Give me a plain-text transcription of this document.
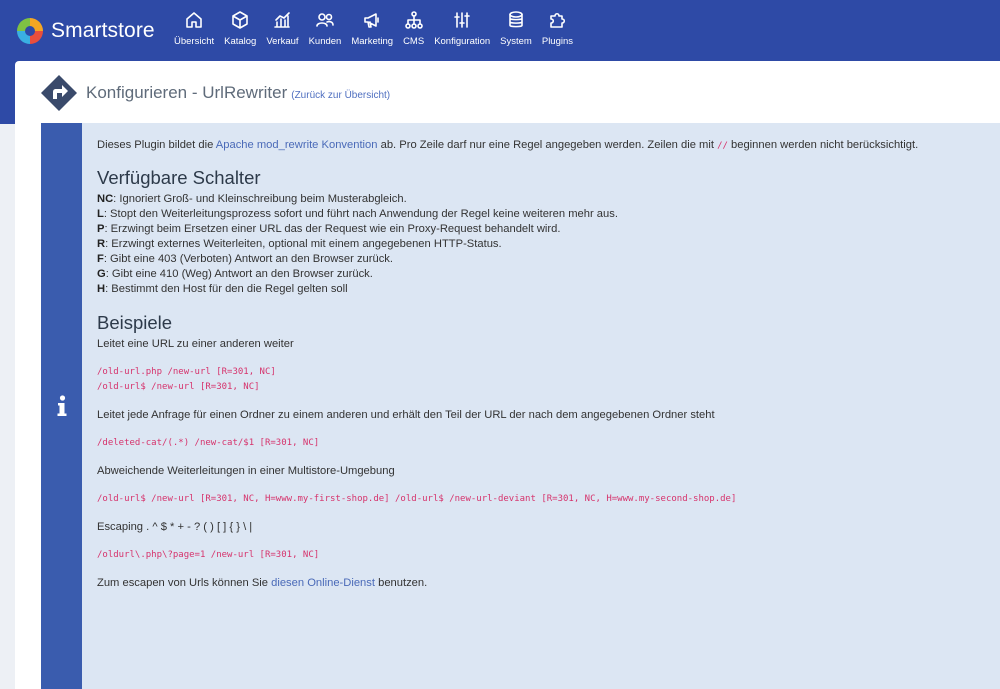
Smartstore Übersicht Katalog Verkauf Kunden Marketing CMS Konfiguration System Plugins
Konfigurieren - UrlRewriter (Zurück zur Übersicht)

Dieses Plugin bildet die Apache mod_rewrite Konvention ab. Pro Zeile darf nur eine Regel angegeben werden. Zeilen die mit // beginnen werden nicht berücksichtigt.

Verfügbare Schalter

NC: Ignoriert Groß- und Kleinschreibung beim Musterabgleich.

L: Stopt den Weiterleitungsprozess sofort und führt nach Anwendung der Regel keine weiteren mehr aus.

P: Erzwingt beim Ersetzen einer URL das der Request wie ein Proxy-Request behandelt wird.

R: Erzwingt externes Weiterleiten, optional mit einem angegebenen HTTP-Status.

F: Gibt eine 403 (Verboten) Antwort an den Browser zurück.

G: Gibt eine 410 (Weg) Antwort an den Browser zurück.

H: Bestimmt den Host für den die Regel gelten soll

Beispiele

Leitet eine URL zu einer anderen weiter

/old-url.php /new-url [R=301, NC]

/old-url$ /new-url [R=301, NC]

Leitet jede Anfrage für einen Ordner zu einem anderen und erhält den Teil der URL der nach dem angegebenen Ordner steht

/deleted-cat/(.*) /new-cat/$1 [R=301, NC]

Abweichende Weiterleitungen in einer Multistore-Umgebung

/old-url$ /new-url [R=301, NC, H=www.my-first-shop.de] /old-url$ /new-url-deviant [R=301, NC, H=www.my-second-shop.de]

Escaping . ^ $ * + - ? ( ) [ ] { } \ |

/oldurl\.php\?page=1 /new-url [R=301, NC]

Zum escapen von Urls können Sie diesen Online-Dienst benutzen.
